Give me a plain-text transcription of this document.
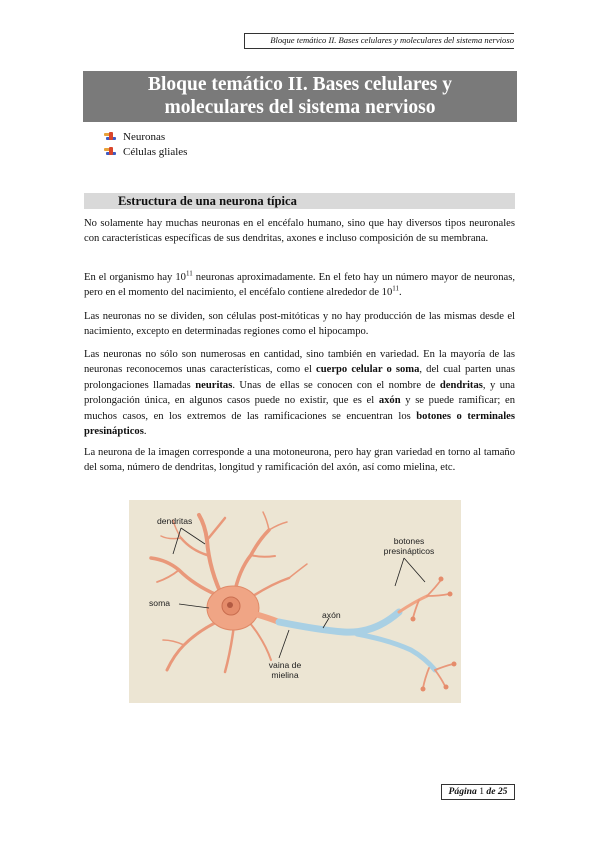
Bloque temático II. Bases celulares y moleculares del sistema nervioso
Bloque temático II. Bases celulares y
moleculares del sistema nervioso
Neuronas
Células gliales
Estructura de una neurona típica

No solamente hay muchas neuronas en el encéfalo humano, sino que hay diversos tipos neuronales con características específicas de sus dendritas, axones e incluso composición de su membrana.

En el organismo hay $10^{11}$ neuronas aproximadamente. En el feto hay un número mayor de neuronas, pero en el momento del nacimiento, el encéfalo contiene alrededor de $10^{11}$.

Las neuronas no se dividen, son células post-mitóticas y no hay producción de las mismas desde el nacimiento, excepto en determinadas regiones como el hipocampo.

Las neuronas no sólo son numerosas en cantidad, sino también en variedad. En la mayoría de las neuronas reconocemos unas características, como el cuerpo celular o soma, del cual parten unas prolongaciones llamadas neuritas. Unas de ellas se conocen con el nombre de dendritas, y una prolongación única, en algunos casos puede no existir, que es el axón y se puede ramificar; en muchos casos, en los extremos de las ramificaciones se encuentran los botones o terminales presinápticos.

La neurona de la imagen corresponde a una motoneurona, pero hay gran variedad en torno al tamaño del soma, número de dendritas, longitud y ramificación del axón, así como mielina, etc.

dendritas
soma
axón
vaina de
mielina
botones
presinápticos
Página 1 de 25
